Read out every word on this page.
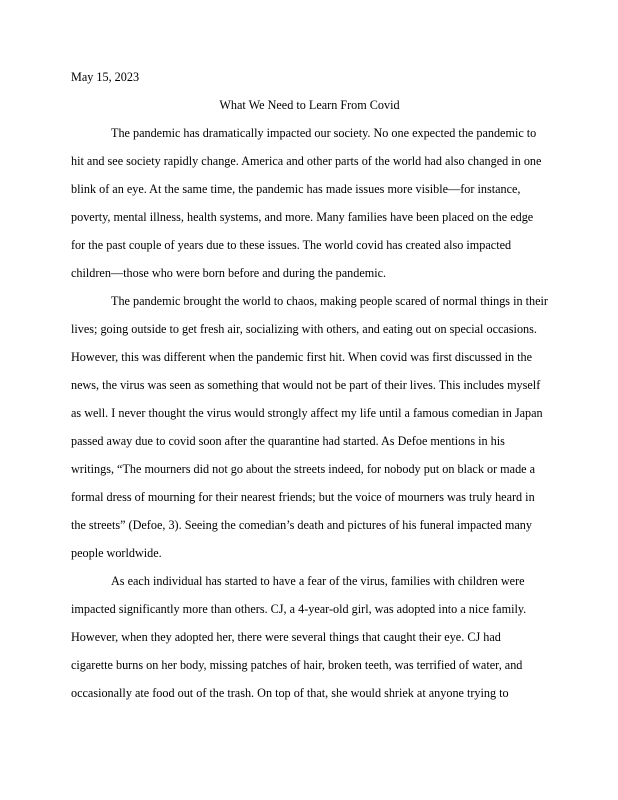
May 15, 2023
What We Need to Learn From Covid
The pandemic has dramatically impacted our society. No one expected the pandemic to
hit and see society rapidly change. America and other parts of the world had also changed in one
blink of an eye. At the same time, the pandemic has made issues more visible—for instance,
poverty, mental illness, health systems, and more. Many families have been placed on the edge
for the past couple of years due to these issues. The world covid has created also impacted
children—those who were born before and during the pandemic.
The pandemic brought the world to chaos, making people scared of normal things in their
lives; going outside to get fresh air, socializing with others, and eating out on special occasions.
However, this was different when the pandemic first hit. When covid was first discussed in the
news, the virus was seen as something that would not be part of their lives. This includes myself
as well. I never thought the virus would strongly affect my life until a famous comedian in Japan
passed away due to covid soon after the quarantine had started. As Defoe mentions in his
writings, “The mourners did not go about the streets indeed, for nobody put on black or made a
formal dress of mourning for their nearest friends; but the voice of mourners was truly heard in
the streets” (Defoe, 3). Seeing the comedian’s death and pictures of his funeral impacted many
people worldwide.
As each individual has started to have a fear of the virus, families with children were
impacted significantly more than others. CJ, a 4-year-old girl, was adopted into a nice family.
However, when they adopted her, there were several things that caught their eye. CJ had
cigarette burns on her body, missing patches of hair, broken teeth, was terrified of water, and
occasionally ate food out of the trash. On top of that, she would shriek at anyone trying to
